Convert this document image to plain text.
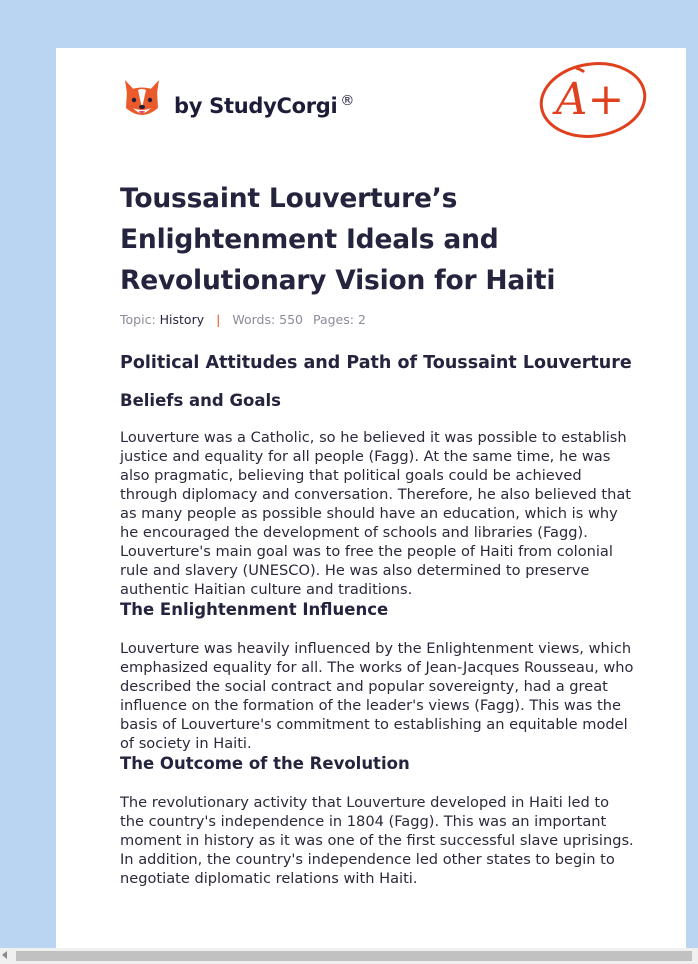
by StudyCorgi ®	A+
Toussaint Louverture’s Enlightenment Ideals and Revolutionary Vision for Haiti
Topic: History | Words: 550 Pages: 2
Political Attitudes and Path of Toussaint Louverture
Beliefs and Goals

Louverture was a Catholic, so he believed it was possible to establish justice and equality for all people (Fagg). At the same time, he was also pragmatic, believing that political goals could be achieved through diplomacy and conversation. Therefore, he also believed that as many people as possible should have an education, which is why he encouraged the development of schools and libraries (Fagg). Louverture's main goal was to free the people of Haiti from colonial rule and slavery (UNESCO). He was also determined to preserve authentic Haitian culture and traditions.

The Enlightenment Influence

Louverture was heavily influenced by the Enlightenment views, which emphasized equality for all. The works of Jean-Jacques Rousseau, who described the social contract and popular sovereignty, had a great influence on the formation of the leader's views (Fagg). This was the basis of Louverture's commitment to establishing an equitable model of society in Haiti.

The Outcome of the Revolution

The revolutionary activity that Louverture developed in Haiti led to the country's independence in 1804 (Fagg). This was an important moment in history as it was one of the first successful slave uprisings. In addition, the country's independence led other states to begin to negotiate diplomatic relations with Haiti.
